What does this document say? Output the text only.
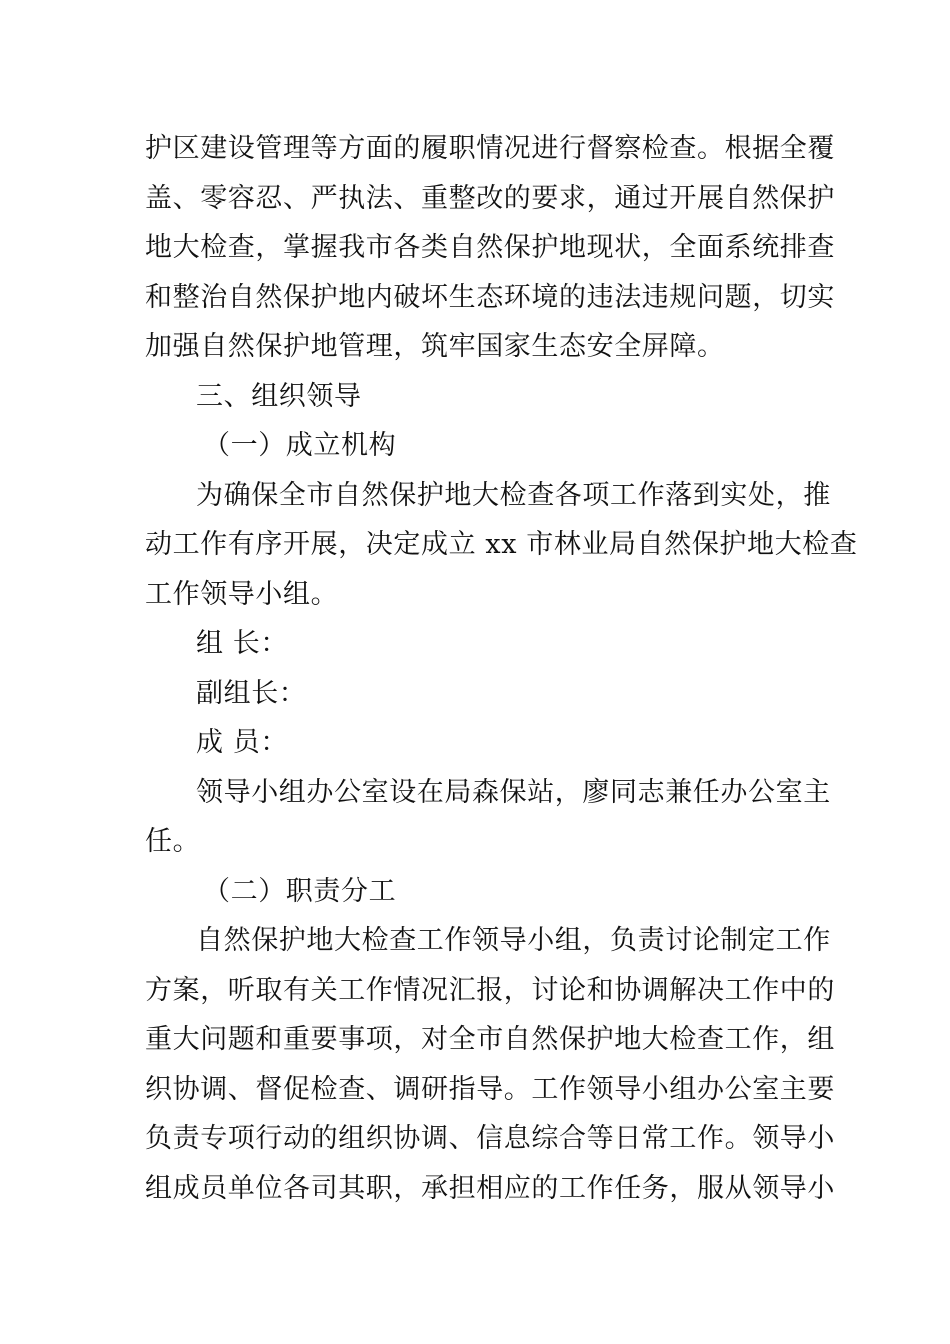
护区建设管理等方面的履职情况进行督察检查。根据全覆
盖、零容忍、严执法、重整改的要求，通过开展自然保护
地大检查，掌握我市各类自然保护地现状，全面系统排查
和整治自然保护地内破坏生态环境的违法违规问题，切实
加强自然保护地管理，筑牢国家生态安全屏障。
三、组织领导
（一）成立机构
为确保全市自然保护地大检查各项工作落到实处，推
动工作有序开展，决定成立 xx 市林业局自然保护地大检查
工作领导小组。
组 长：
副组长：
成 员：
领导小组办公室设在局森保站，廖同志兼任办公室主
任。
（二）职责分工
自然保护地大检查工作领导小组，负责讨论制定工作
方案，听取有关工作情况汇报，讨论和协调解决工作中的
重大问题和重要事项，对全市自然保护地大检查工作，组
织协调、督促检查、调研指导。工作领导小组办公室主要
负责专项行动的组织协调、信息综合等日常工作。领导小
组成员单位各司其职，承担相应的工作任务，服从领导小
